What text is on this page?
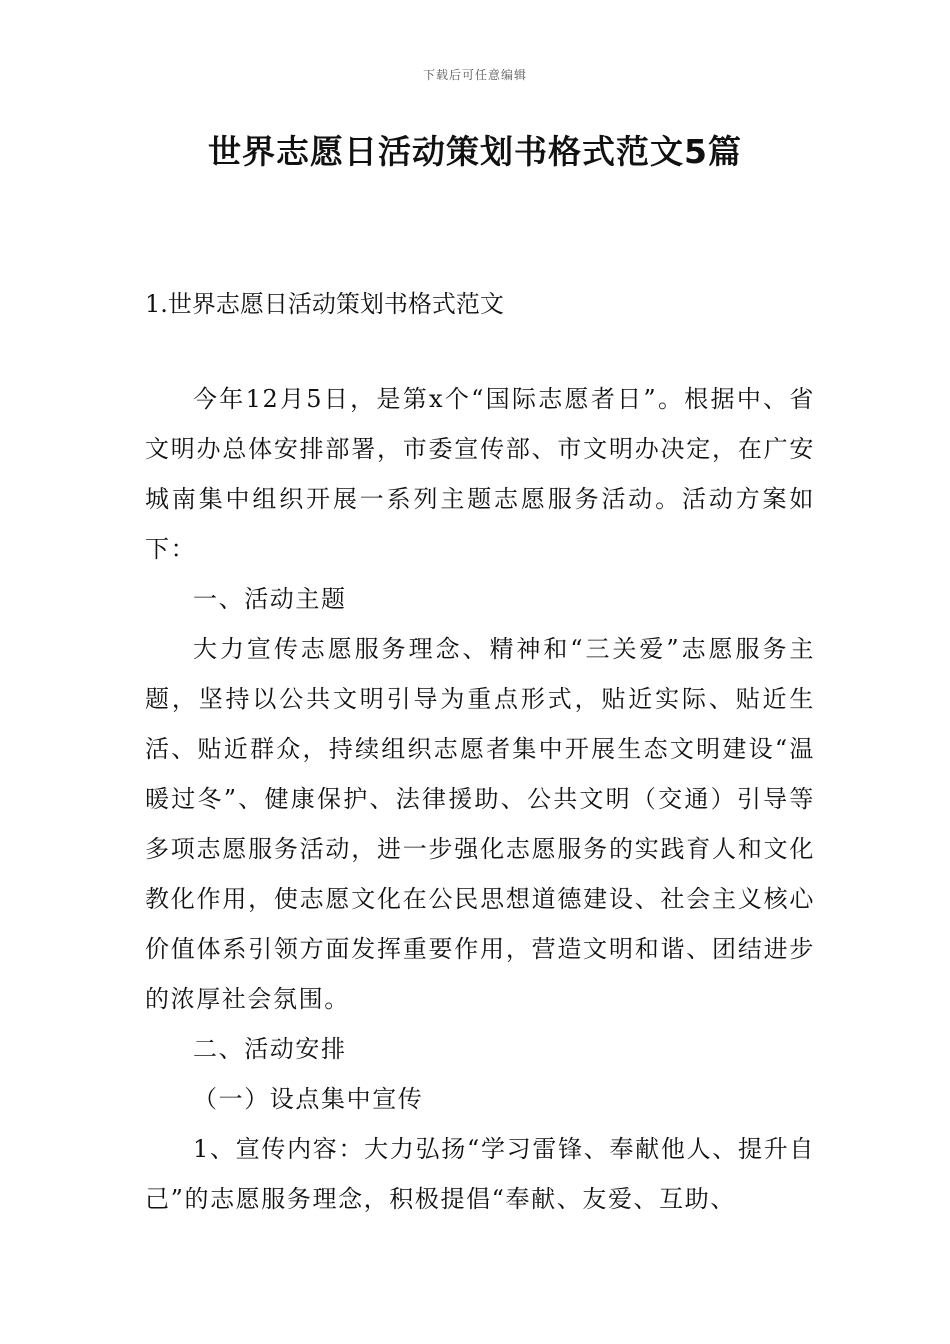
下载后可任意编辑
世界志愿日活动策划书格式范文5篇
1.世界志愿日活动策划书格式范文

今年12月5日，是第x个“国际志愿者日”。根据中、省文明办总体安排部署，市委宣传部、市文明办决定，在广安城南集中组织开展一系列主题志愿服务活动。活动方案如下：

一、活动主题

大力宣传志愿服务理念、精神和“三关爱”志愿服务主题，坚持以公共文明引导为重点形式，贴近实际、贴近生活、贴近群众，持续组织志愿者集中开展生态文明建设“温暖过冬”、健康保护、法律援助、公共文明（交通）引导等多项志愿服务活动，进一步强化志愿服务的实践育人和文化教化作用，使志愿文化在公民思想道德建设、社会主义核心价值体系引领方面发挥重要作用，营造文明和谐、团结进步的浓厚社会氛围。

二、活动安排

（一）设点集中宣传

1、宣传内容：大力弘扬“学习雷锋、奉献他人、提升自己”的志愿服务理念，积极提倡“奉献、友爱、互助、
